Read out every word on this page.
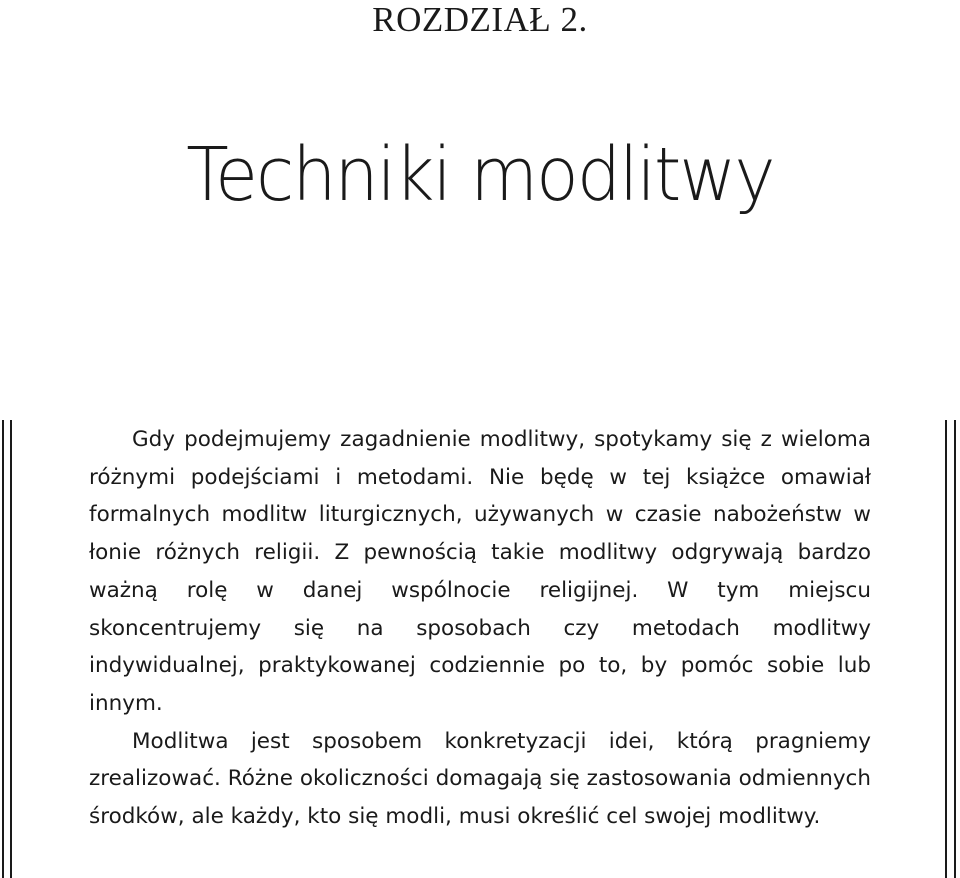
ROZDZIAŁ 2.
Techniki modlitwy

Gdy podejmujemy zagadnienie modlitwy, spotykamy się z wieloma różnymi podejściami i metodami. Nie będę w tej książce omawiał formalnych modlitw liturgicznych, używanych w czasie nabożeństw w łonie różnych religii. Z pewnością takie modlitwy odgrywają bardzo ważną rolę w danej wspólnocie religijnej. W tym miejscu skoncentrujemy się na sposobach czy metodach modlitwy indywidualnej, praktykowanej codziennie po to, by pomóc sobie lub innym.

Modlitwa jest sposobem konkretyzacji idei, którą pragniemy zrealizować. Różne okoliczności domagają się zastosowania odmiennych środków, ale każdy, kto się modli, musi określić cel swojej modlitwy.
